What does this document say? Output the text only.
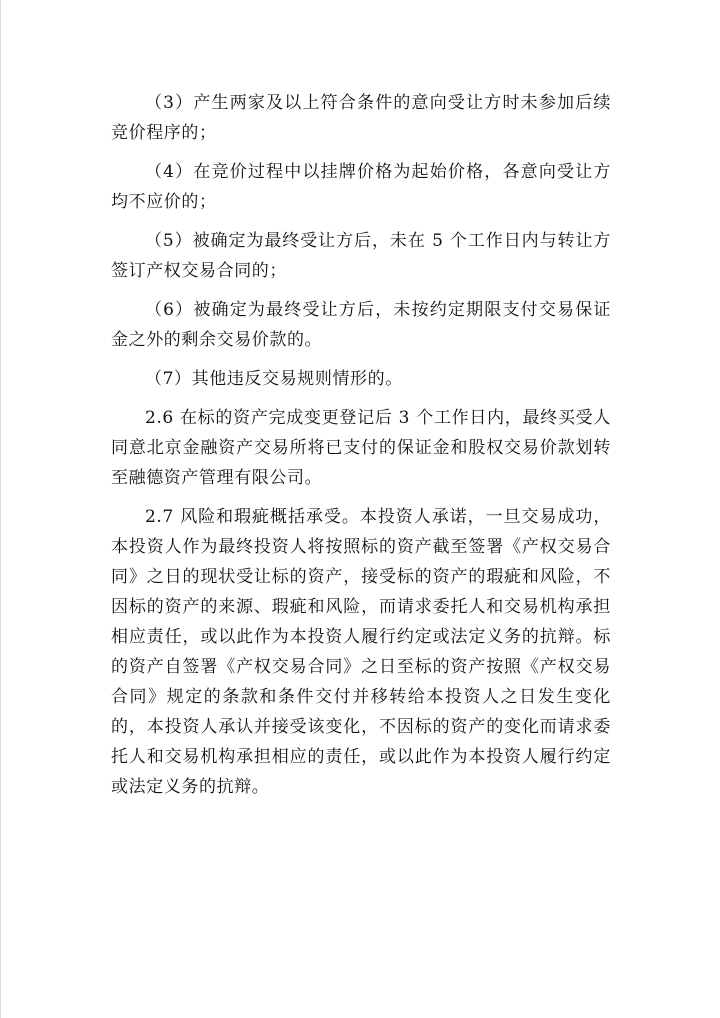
（3）产生两家及以上符合条件的意向受让方时未参加后续竞价程序的；

（4）在竞价过程中以挂牌价格为起始价格，各意向受让方均不应价的；

（5）被确定为最终受让方后，未在 5 个工作日内与转让方签订产权交易合同的；

（6）被确定为最终受让方后，未按约定期限支付交易保证金之外的剩余交易价款的。

（7）其他违反交易规则情形的。

2.6 在标的资产完成变更登记后 3 个工作日内，最终买受人同意北京金融资产交易所将已支付的保证金和股权交易价款划转至融德资产管理有限公司。

2.7 风险和瑕疵概括承受。本投资人承诺，一旦交易成功，本投资人作为最终投资人将按照标的资产截至签署《产权交易合同》之日的现状受让标的资产，接受标的资产的瑕疵和风险，不因标的资产的来源、瑕疵和风险，而请求委托人和交易机构承担相应责任，或以此作为本投资人履行约定或法定义务的抗辩。标的资产自签署《产权交易合同》之日至标的资产按照《产权交易合同》规定的条款和条件交付并移转给本投资人之日发生变化的，本投资人承认并接受该变化，不因标的资产的变化而请求委托人和交易机构承担相应的责任，或以此作为本投资人履行约定或法定义务的抗辩。
